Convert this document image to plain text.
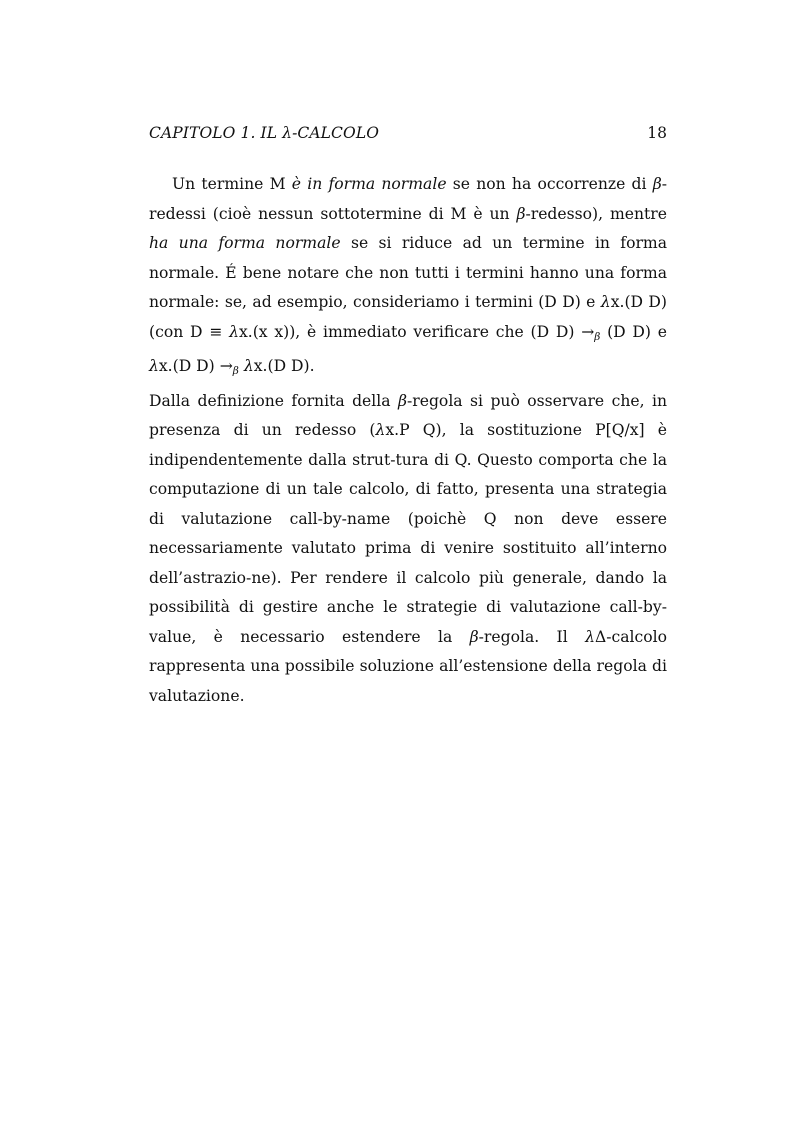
CAPITOLO 1. IL λ-CALCOLO	18

Un termine M è in forma normale se non ha occorrenze di β-redessi (cioè nessun sottotermine di M è un β-redesso), mentre ha una forma normale se si riduce ad un termine in forma normale. É bene notare che non tutti i termini hanno una forma normale: se, ad esempio, consideriamo i termini (D D) e λx.(D D)(con D ≡ λx.(x x)), è immediato verificare che (D $D) \to_\beta$ (D D) e λx.(D $D) \to_\beta$ λx.(D D).

Dalla definizione fornita della β-regola si può osservare che, in presenza di un redesso (λx.P Q), la sostituzione P[Q/x] è indipendentemente dalla strut-tura di Q. Questo comporta che la computazione di un tale calcolo, di fatto, presenta una strategia di valutazione call-by-name (poichè Q non deve essere necessariamente valutato prima di venire sostituito all’interno dell’astrazio-ne). Per rendere il calcolo più generale, dando la possibilità di gestire anche le strategie di valutazione call-by-value, è necessario estendere la β-regola. Il λΔ-calcolo rappresenta una possibile soluzione all’estensione della regola di valutazione.
